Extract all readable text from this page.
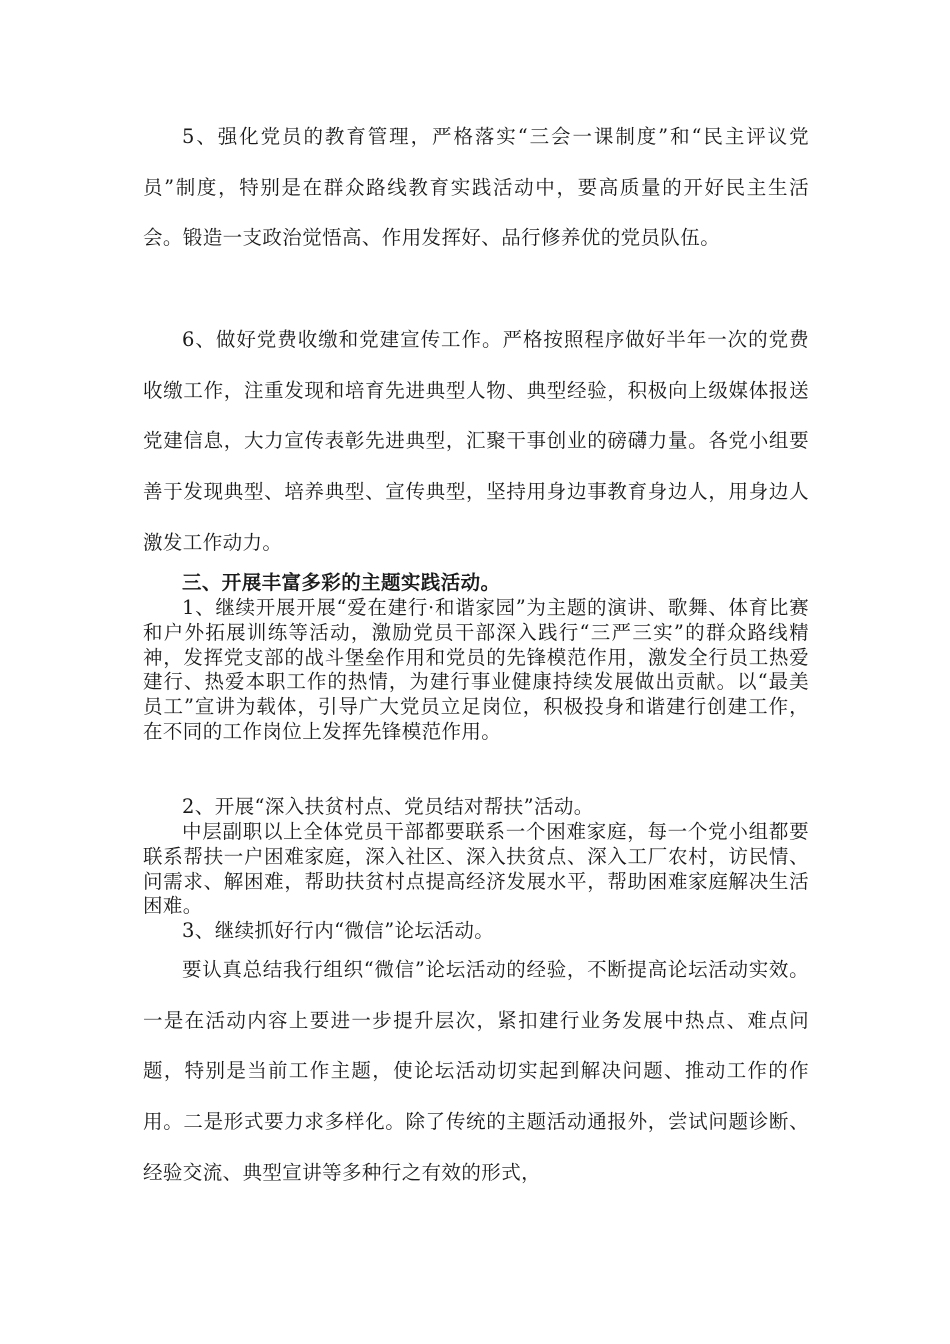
5、强化党员的教育管理，严格落实“三会一课制度”和“民主评议党员”制度，特别是在群众路线教育实践活动中，要高质量的开好民主生活会。锻造一支政治觉悟高、作用发挥好、品行修养优的党员队伍。

6、做好党费收缴和党建宣传工作。严格按照程序做好半年一次的党费收缴工作，注重发现和培育先进典型人物、典型经验，积极向上级媒体报送党建信息，大力宣传表彰先进典型，汇聚干事创业的磅礴力量。各党小组要善于发现典型、培养典型、宣传典型，坚持用身边事教育身边人，用身边人激发工作动力。

三、开展丰富多彩的主题实践活动。

1、继续开展开展“爱在建行·和谐家园”为主题的演讲、歌舞、体育比赛和户外拓展训练等活动，激励党员干部深入践行“三严三实”的群众路线精神，发挥党支部的战斗堡垒作用和党员的先锋模范作用，激发全行员工热爱建行、热爱本职工作的热情，为建行事业健康持续发展做出贡献。以“最美员工”宣讲为载体，引导广大党员立足岗位，积极投身和谐建行创建工作，在不同的工作岗位上发挥先锋模范作用。

2、开展“深入扶贫村点、党员结对帮扶”活动。

中层副职以上全体党员干部都要联系一个困难家庭，每一个党小组都要联系帮扶一户困难家庭，深入社区、深入扶贫点、深入工厂农村，访民情、问需求、解困难，帮助扶贫村点提高经济发展水平，帮助困难家庭解决生活困难。

3、继续抓好行内“微信”论坛活动。

要认真总结我行组织“微信”论坛活动的经验，不断提高论坛活动实效。一是在活动内容上要进一步提升层次，紧扣建行业务发展中热点、难点问题，特别是当前工作主题，使论坛活动切实起到解决问题、推动工作的作用。二是形式要力求多样化。除了传统的主题活动通报外，尝试问题诊断、经验交流、典型宣讲等多种行之有效的形式，
